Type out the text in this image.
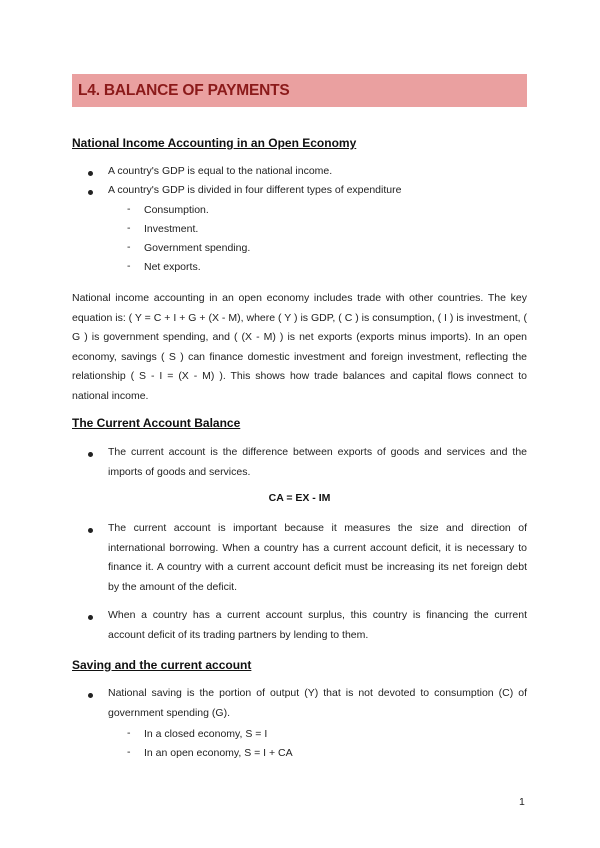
L4. BALANCE OF PAYMENTS
National Income Accounting in an Open Economy
A country's GDP is equal to the national income.
A country's GDP is divided in four different types of expenditure
- Consumption.
- Investment.
- Government spending.
- Net exports.

National income accounting in an open economy includes trade with other countries. The key equation is: ( Y = C + I + G + (X - M), where ( Y ) is GDP, ( C ) is consumption, ( I ) is investment, ( G ) is government spending, and ( (X - M) ) is net exports (exports minus imports). In an open economy, savings ( S ) can finance domestic investment and foreign investment, reflecting the relationship ( S - I = (X - M) ). This shows how trade balances and capital flows connect to national income.

The Current Account Balance

The current account is the difference between exports of goods and services and the imports of goods and services.

CA = EX - IM

The current account is important because it measures the size and direction of international borrowing. When a country has a current account deficit, it is necessary to finance it. A country with a current account deficit must be increasing its net foreign debt by the amount of the deficit.

When a country has a current account surplus, this country is financing the current account deficit of its trading partners by lending to them.

Saving and the current account

National saving is the portion of output (Y) that is not devoted to consumption (C) of government spending (G).

- In a closed economy, S = I
- In an open economy, S = I + CA
1
